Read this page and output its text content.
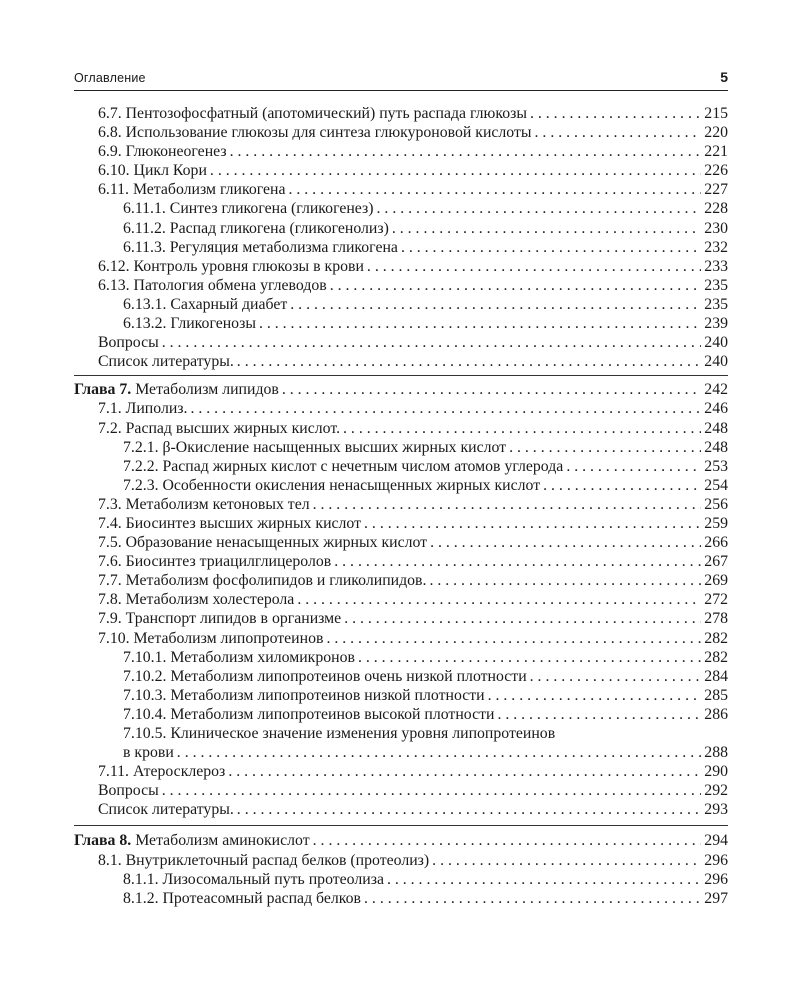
Оглавление	5
6.7. Пентозофосфатный (апотомический) путь распада глюкозы . . .	215
6.8. Использование глюкозы для синтеза глюкуроновой кислоты . . .	220
6.9. Глюконеогенез . . .	221
6.10. Цикл Кори . . .	226
6.11. Метаболизм гликогена . . .	227
6.11.1. Синтез гликогена (гликогенез) . . .	228
6.11.2. Распад гликогена (гликогенолиз) . . .	230
6.11.3. Регуляция метаболизма гликогена . . .	232
6.12. Контроль уровня глюкозы в крови . . .	233
6.13. Патология обмена углеводов . . .	235
6.13.1. Сахарный диабет . . .	235
6.13.2. Гликогенозы . . .	239
Вопросы . . .	240
Список литературы. . . .	240
Глава 7. Метаболизм липидов . . .	242
7.1. Липолиз. . . .	246
7.2. Распад высших жирных кислот. . . .	248
7.2.1. β-Окисление насыщенных высших жирных кислот . . .	248
7.2.2. Распад жирных кислот с нечетным числом атомов углерода . . .	253
7.2.3. Особенности окисления ненасыщенных жирных кислот . . .	254
7.3. Метаболизм кетоновых тел . . .	256
7.4. Биосинтез высших жирных кислот . . .	259
7.5. Образование ненасыщенных жирных кислот . . .	266
7.6. Биосинтез триацилглицеролов . . .	267
7.7. Метаболизм фосфолипидов и гликолипидов. . . .	269
7.8. Метаболизм холестерола . . .	272
7.9. Транспорт липидов в организме . . .	278
7.10. Метаболизм липопротеинов . . .	282
7.10.1. Метаболизм хиломикронов . . .	282
7.10.2. Метаболизм липопротеинов очень низкой плотности . . .	284
7.10.3. Метаболизм липопротеинов низкой плотности . . .	285
7.10.4. Метаболизм липопротеинов высокой плотности . . .	286
7.10.5. Клиническое значение изменения уровня липопротеинов
в крови . . .	288
7.11. Атеросклероз . . .	290
Вопросы . . .	292
Список литературы. . . .	293
Глава 8. Метаболизм аминокислот . . .	294
8.1. Внутриклеточный распад белков (протеолиз) . . .	296
8.1.1. Лизосомальный путь протеолиза . . .	296
8.1.2. Протеасомный распад белков . . .	297
